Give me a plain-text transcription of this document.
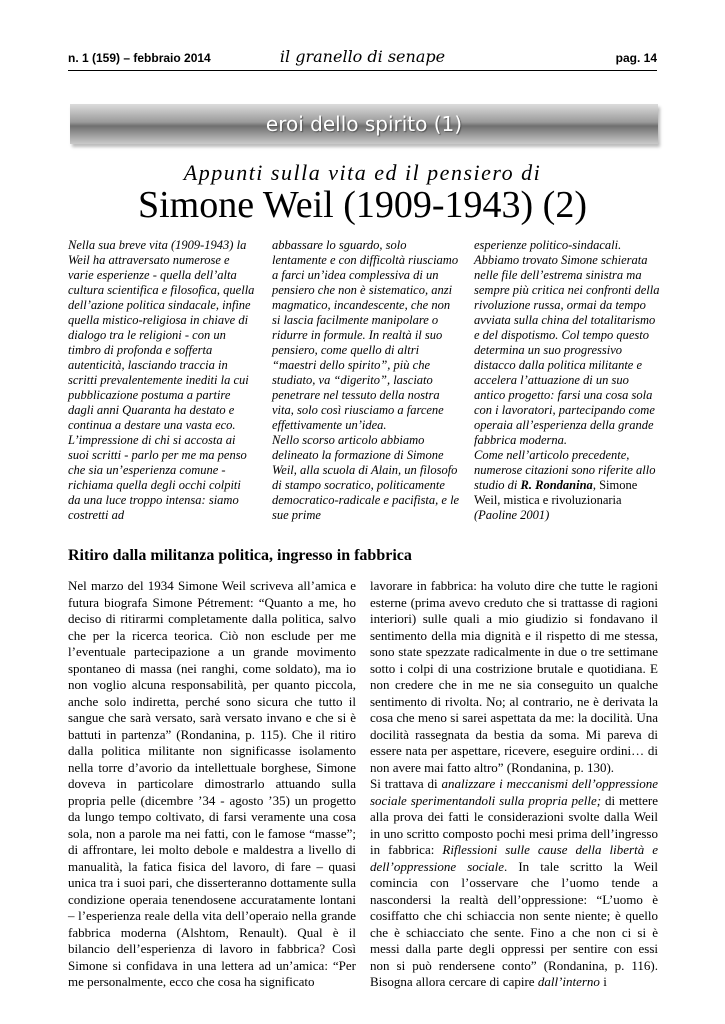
n. 1 (159) – febbraio 2014	il granello di senape	pag. 14
eroi dello spirito (1)
Appunti sulla vita ed il pensiero di
Simone Weil (1909-1943) (2)

Nella sua breve vita (1909-1943) la Weil ha attraversato numerose e varie esperienze - quella dell’alta cultura scientifica e filosofica, quella dell’azione politica sindacale, infine quella mistico-religiosa in chiave di dialogo tra le religioni - con un timbro di profonda e sofferta autenticità, lasciando traccia in scritti prevalentemente inediti la cui pubblicazione postuma a partire dagli anni Quaranta ha destato e continua a destare una vasta eco. L’impressione di chi si accosta ai suoi scritti - parlo per me ma penso che sia un’esperienza comune - richiama quella degli occhi colpiti da una luce troppo intensa: siamo costretti ad

abbassare lo sguardo, solo lentamente e con difficoltà riusciamo a farci un’idea complessiva di un pensiero che non è sistematico, anzi magmatico, incandescente, che non si lascia facilmente manipolare o ridurre in formule. In realtà il suo pensiero, come quello di altri “maestri dello spirito”, più che studiato, va “digerito”, lasciato penetrare nel tessuto della nostra vita, solo così riusciamo a farcene effettivamente un’idea.

Nello scorso articolo abbiamo delineato la formazione di Simone Weil, alla scuola di Alain, un filosofo di stampo socratico, politicamente democratico-radicale e pacifista, e le sue prime

esperienze politico-sindacali. Abbiamo trovato Simone schierata nelle file dell’estrema sinistra ma sempre più critica nei confronti della rivoluzione russa, ormai da tempo avviata sulla china del totalitarismo e del dispotismo. Col tempo questo determina un suo progressivo distacco dalla politica militante e accelera l’attuazione di un suo antico progetto: farsi una cosa sola con i lavoratori, partecipando come operaia all’esperienza della grande fabbrica moderna.

Come nell’articolo precedente, numerose citazioni sono riferite allo studio di R. Rondanina, Simone Weil, mistica e rivoluzionaria (Paoline 2001)

Ritiro dalla militanza politica, ingresso in fabbrica

Nel marzo del 1934 Simone Weil scriveva all’amica e futura biografa Simone Pétrement: “Quanto a me, ho deciso di ritirarmi completamente dalla politica, salvo che per la ricerca teorica. Ciò non esclude per me l’eventuale partecipazione a un grande movimento spontaneo di massa (nei ranghi, come soldato), ma io non voglio alcuna responsabilità, per quanto piccola, anche solo indiretta, perché sono sicura che tutto il sangue che sarà versato, sarà versato invano e che si è battuti in partenza” (Rondanina, p. 115). Che il ritiro dalla politica militante non significasse isolamento nella torre d’avorio da intellettuale borghese, Simone doveva in particolare dimostrarlo attuando sulla propria pelle (dicembre ’34 - agosto ’35) un progetto da lungo tempo coltivato, di farsi veramente una cosa sola, non a parole ma nei fatti, con le famose “masse”; di affrontare, lei molto debole e maldestra a livello di manualità, la fatica fisica del lavoro, di fare – quasi unica tra i suoi pari, che disserteranno dottamente sulla condizione operaia tenendosene accuratamente lontani – l’esperienza reale della vita dell’operaio nella grande fabbrica moderna (Alshtom, Renault). Qual è il bilancio dell’esperienza di lavoro in fabbrica? Così Simone si confidava in una lettera ad un’amica: “Per me personalmente, ecco che cosa ha significato

lavorare in fabbrica: ha voluto dire che tutte le ragioni esterne (prima avevo creduto che si trattasse di ragioni interiori) sulle quali a mio giudizio si fondavano il sentimento della mia dignità e il rispetto di me stessa, sono state spezzate radicalmente in due o tre settimane sotto i colpi di una costrizione brutale e quotidiana. E non credere che in me ne sia conseguito un qualche sentimento di rivolta. No; al contrario, ne è derivata la cosa che meno si sarei aspettata da me: la docilità. Una docilità rassegnata da bestia da soma. Mi pareva di essere nata per aspettare, ricevere, eseguire ordini… di non avere mai fatto altro” (Rondanina, p. 130).

Si trattava di analizzare i meccanismi dell’oppressione sociale sperimentandoli sulla propria pelle; di mettere alla prova dei fatti le considerazioni svolte dalla Weil in uno scritto composto pochi mesi prima dell’ingresso in fabbrica: Riflessioni sulle cause della libertà e dell’oppressione sociale. In tale scritto la Weil comincia con l’osservare che l’uomo tende a nascondersi la realtà dell’oppressione: “L’uomo è cosiffatto che chi schiaccia non sente niente; è quello che è schiacciato che sente. Fino a che non ci si è messi dalla parte degli oppressi per sentire con essi non si può rendersene conto” (Rondanina, p. 116). Bisogna allora cercare di capire dall’interno i
